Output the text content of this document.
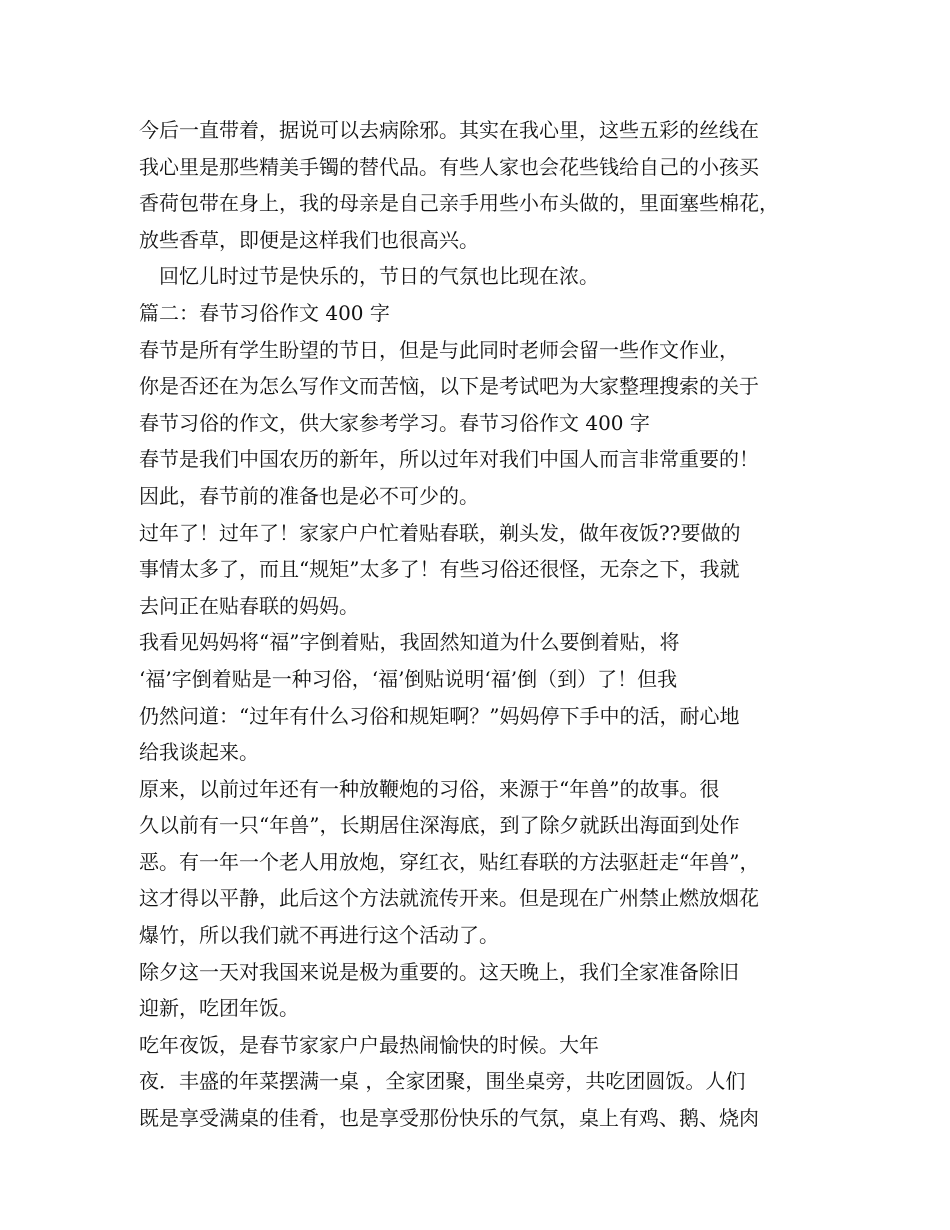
今后一直带着，据说可以去病除邪。其实在我心里，这些五彩的丝线在
我心里是那些精美手镯的替代品。有些人家也会花些钱给自己的小孩买
香荷包带在身上，我的母亲是自己亲手用些小布头做的，里面塞些棉花，
放些香草，即便是这样我们也很高兴。
　回忆儿时过节是快乐的，节日的气氛也比现在浓。
篇二：春节习俗作文 400 字
春节是所有学生盼望的节日，但是与此同时老师会留一些作文作业，
你是否还在为怎么写作文而苦恼，以下是考试吧为大家整理搜索的关于
春节习俗的作文，供大家参考学习。春节习俗作文 400 字
春节是我们中国农历的新年，所以过年对我们中国人而言非常重要的！
因此，春节前的准备也是必不可少的。
过年了！过年了！家家户户忙着贴春联，剃头发，做年夜饭??要做的
事情太多了，而且“规矩”太多了！有些习俗还很怪，无奈之下，我就
去问正在贴春联的妈妈。
我看见妈妈将“福”字倒着贴，我固然知道为什么要倒着贴，将
‘福’字倒着贴是一种习俗，‘福’倒贴说明‘福’倒（到）了！但我
仍然问道：“过年有什么习俗和规矩啊？”妈妈停下手中的活，耐心地
给我谈起来。
原来，以前过年还有一种放鞭炮的习俗，来源于“年兽”的故事。很
久以前有一只“年兽”，长期居住深海底，到了除夕就跃出海面到处作
恶。有一年一个老人用放炮，穿红衣，贴红春联的方法驱赶走“年兽”，
这才得以平静，此后这个方法就流传开来。但是现在广州禁止燃放烟花
爆竹，所以我们就不再进行这个活动了。
除夕这一天对我国来说是极为重要的。这天晚上，我们全家准备除旧
迎新，吃团年饭。
吃年夜饭，是春节家家户户最热闹愉快的时候。大年
夜．丰盛的年菜摆满一桌 ，全家团聚，围坐桌旁，共吃团圆饭。人们
既是享受满桌的佳肴，也是享受那份快乐的气氛，桌上有鸡、鹅、烧肉
